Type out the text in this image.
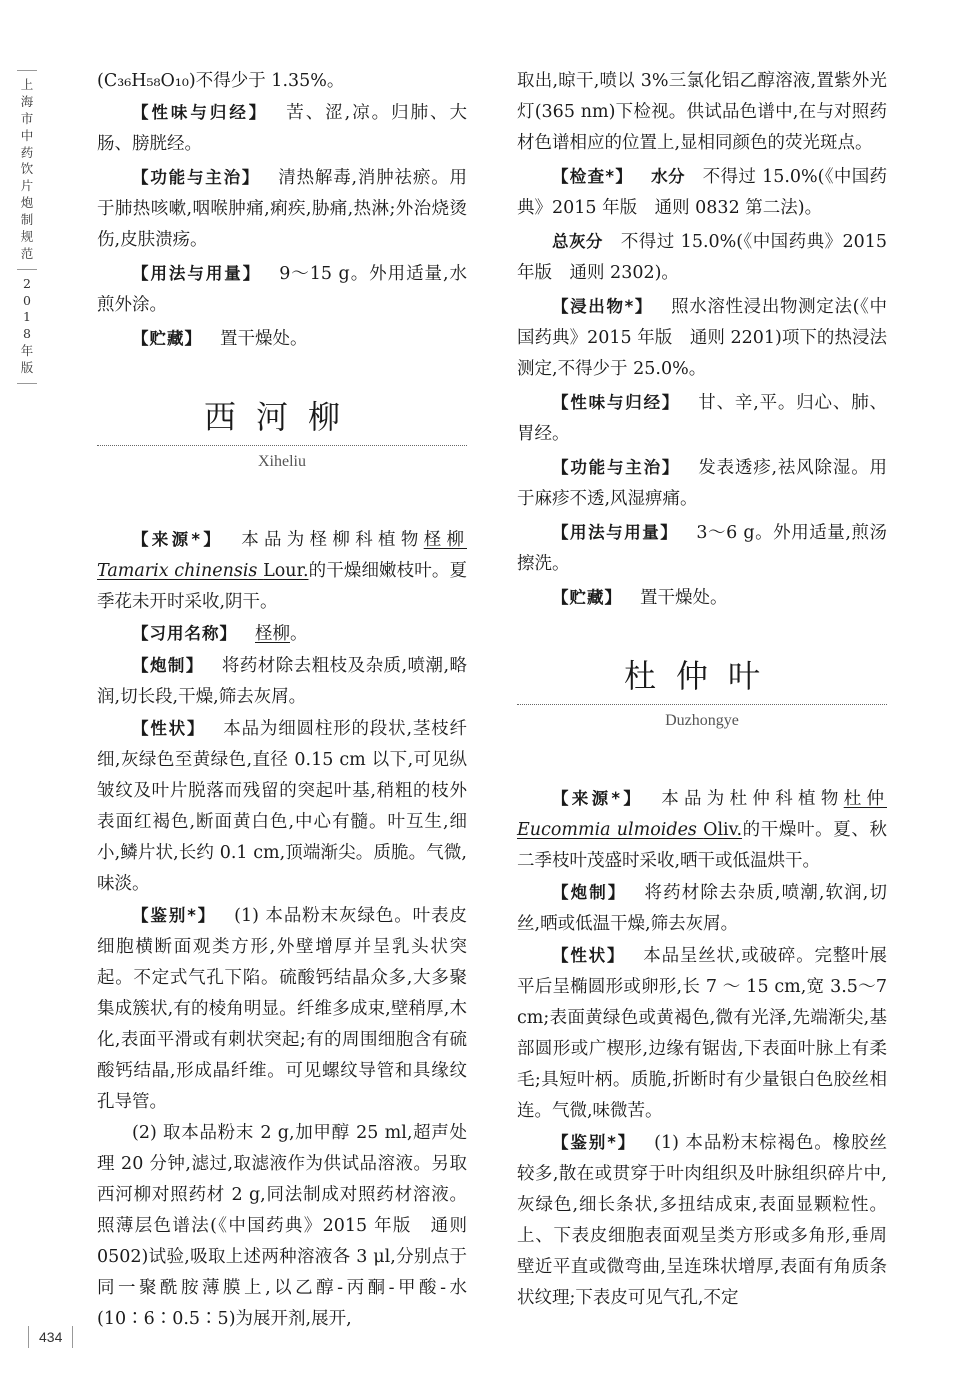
上
海
市
中
药
饮
片
炮
制
规
范
2
0
1
8
年
版

(C₃₆H₅₈O₁₀)不得少于 1.35%。

【性味与归经】 苦、涩,凉。归肺、大肠、膀胱经。

【功能与主治】 清热解毒,消肿祛瘀。用于肺热咳嗽,咽喉肿痛,痢疾,胁痛,热淋;外治烧烫伤,皮肤溃疡。

【用法与用量】 9～15 g。外用适量,水煎外涂。

【贮藏】 置干燥处。

西河柳
Xiheliu

【来源*】 本品为柽柳科植物柽柳 Tamarix chinensis Lour.的干燥细嫩枝叶。夏季花未开时采收,阴干。

【习用名称】 柽柳。

【炮制】 将药材除去粗枝及杂质,喷潮,略润,切长段,干燥,筛去灰屑。

【性状】 本品为细圆柱形的段状,茎枝纤细,灰绿色至黄绿色,直径 0.15 cm 以下,可见纵皱纹及叶片脱落而残留的突起叶基,稍粗的枝外表面红褐色,断面黄白色,中心有髓。叶互生,细小,鳞片状,长约 0.1 cm,顶端渐尖。质脆。气微,味淡。

【鉴别*】 (1) 本品粉末灰绿色。叶表皮细胞横断面观类方形,外壁增厚并呈乳头状突起。不定式气孔下陷。硫酸钙结晶众多,大多聚集成簇状,有的棱角明显。纤维多成束,壁稍厚,木化,表面平滑或有刺状突起;有的周围细胞含有硫酸钙结晶,形成晶纤维。可见螺纹导管和具缘纹孔导管。

(2) 取本品粉末 2 g,加甲醇 25 ml,超声处理 20 分钟,滤过,取滤液作为供试品溶液。另取西河柳对照药材 2 g,同法制成对照药材溶液。照薄层色谱法(《中国药典》2015 年版　通则 0502)试验,吸取上述两种溶液各 3 μl,分别点于同一聚酰胺薄膜上,以乙醇-丙酮-甲酸-水(10∶6∶0.5∶5)为展开剂,展开,

取出,晾干,喷以 3%三氯化铝乙醇溶液,置紫外光灯(365 nm)下检视。供试品色谱中,在与对照药材色谱相应的位置上,显相同颜色的荧光斑点。

【检查*】 水分 不得过 15.0%(《中国药典》2015 年版　通则 0832 第二法)。

总灰分 不得过 15.0%(《中国药典》2015 年版　通则 2302)。

【浸出物*】 照水溶性浸出物测定法(《中国药典》2015 年版　通则 2201)项下的热浸法测定,不得少于 25.0%。

【性味与归经】 甘、辛,平。归心、肺、胃经。

【功能与主治】 发表透疹,祛风除湿。用于麻疹不透,风湿痹痛。

【用法与用量】 3～6 g。外用适量,煎汤擦洗。

【贮藏】 置干燥处。

杜仲叶
Duzhongye

【来源*】 本品为杜仲科植物杜仲 Eucommia ulmoides Oliv.的干燥叶。夏、秋二季枝叶茂盛时采收,晒干或低温烘干。

【炮制】 将药材除去杂质,喷潮,软润,切丝,晒或低温干燥,筛去灰屑。

【性状】 本品呈丝状,或破碎。完整叶展平后呈椭圆形或卵形,长 7 ～ 15 cm,宽 3.5～7 cm;表面黄绿色或黄褐色,微有光泽,先端渐尖,基部圆形或广楔形,边缘有锯齿,下表面叶脉上有柔毛;具短叶柄。质脆,折断时有少量银白色胶丝相连。气微,味微苦。

【鉴别*】 (1) 本品粉末棕褐色。橡胶丝较多,散在或贯穿于叶肉组织及叶脉组织碎片中,灰绿色,细长条状,多扭结成束,表面显颗粒性。上、下表皮细胞表面观呈类方形或多角形,垂周壁近平直或微弯曲,呈连珠状增厚,表面有角质条状纹理;下表皮可见气孔,不定

434
